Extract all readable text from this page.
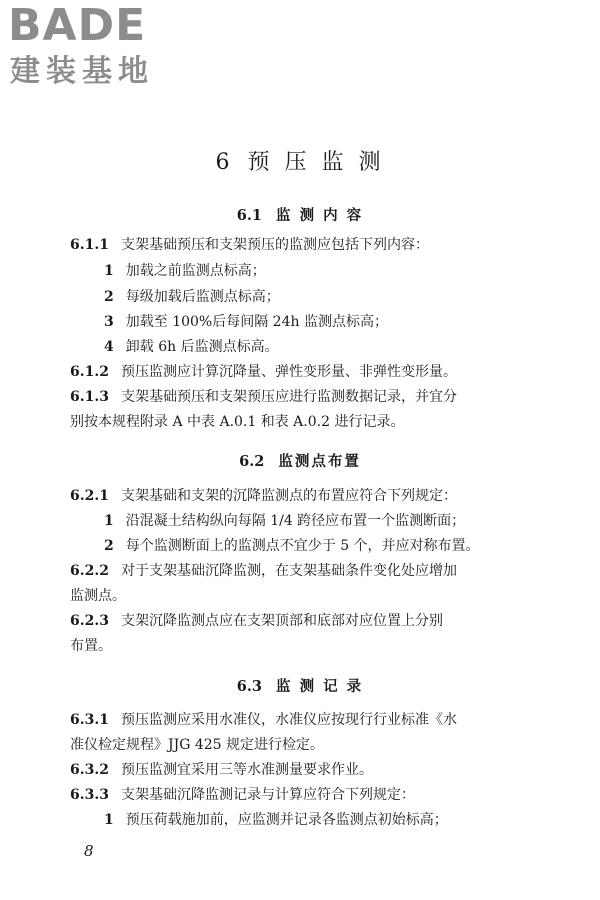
BADE
建装基地
6 预 压 监 测
6.1 监 测 内 容
6.1.1 支架基础预压和支架预压的监测应包括下列内容：
1 加载之前监测点标高；
2 每级加载后监测点标高；
3 加载至 100%后每间隔 24h 监测点标高；
4 卸载 6h 后监测点标高。
6.1.2 预压监测应计算沉降量、弹性变形量、非弹性变形量。
6.1.3 支架基础预压和支架预压应进行监测数据记录，并宜分
别按本规程附录 A 中表 A.0.1 和表 A.0.2 进行记录。
6.2 监测点布置
6.2.1 支架基础和支架的沉降监测点的布置应符合下列规定：
1 沿混凝土结构纵向每隔 1/4 跨径应布置一个监测断面；
2 每个监测断面上的监测点不宜少于 5 个，并应对称布置。
6.2.2 对于支架基础沉降监测，在支架基础条件变化处应增加
监测点。
6.2.3 支架沉降监测点应在支架顶部和底部对应位置上分别
布置。
6.3 监 测 记 录
6.3.1 预压监测应采用水准仪，水准仪应按现行行业标准《水
准仪检定规程》JJG 425 规定进行检定。
6.3.2 预压监测宜采用三等水准测量要求作业。
6.3.3 支架基础沉降监测记录与计算应符合下列规定：
1 预压荷载施加前，应监测并记录各监测点初始标高；
8
